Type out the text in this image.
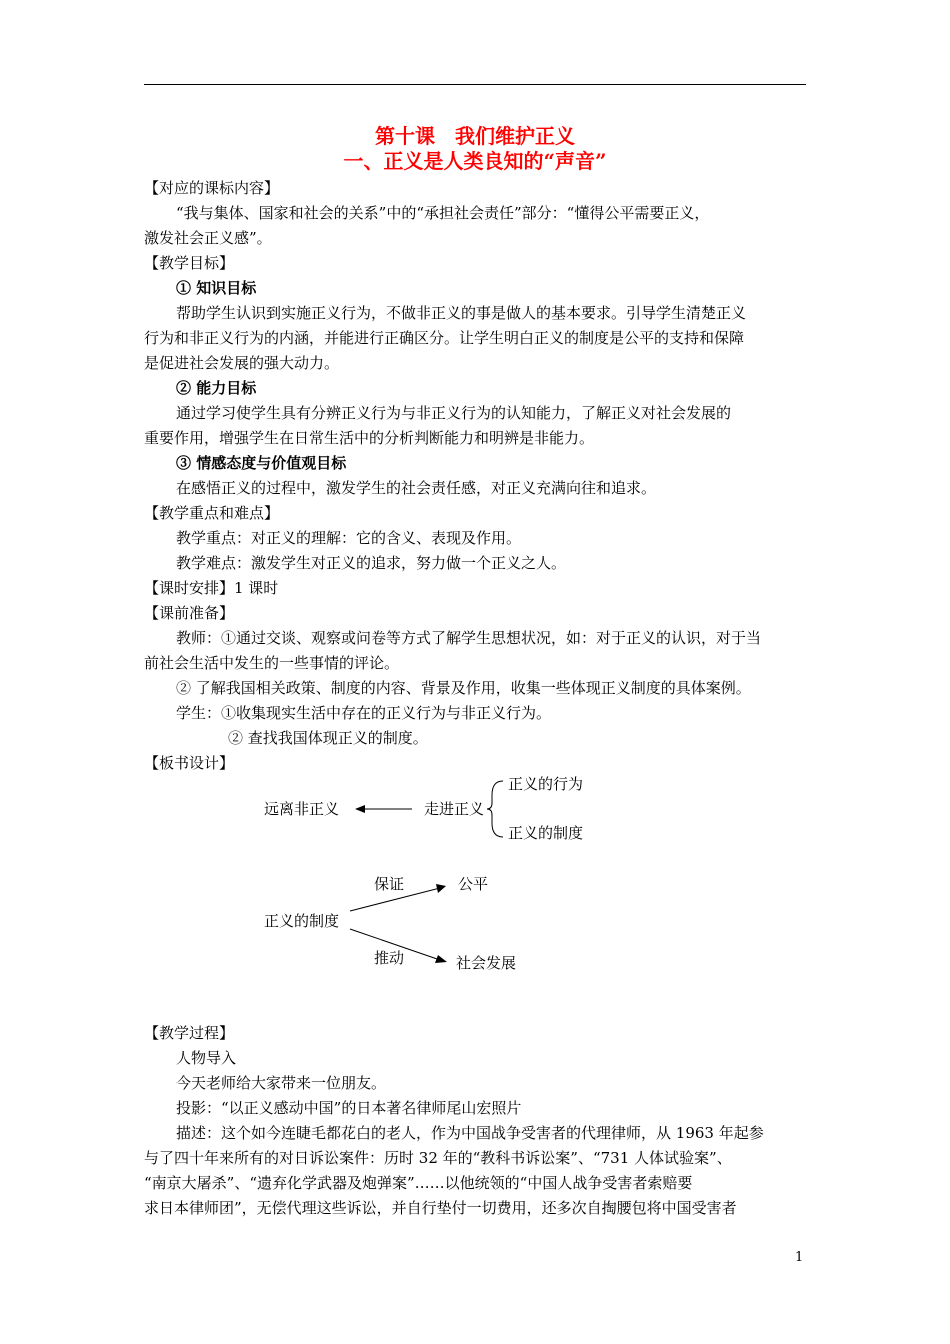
第十课　我们维护正义
一、正义是人类良知的“声音”
【对应的课标内容】
“我与集体、国家和社会的关系”中的“承担社会责任”部分：“懂得公平需要正义，
激发社会正义感”。
【教学目标】
① 知识目标
帮助学生认识到实施正义行为，不做非正义的事是做人的基本要求。引导学生清楚正义
行为和非正义行为的内涵，并能进行正确区分。让学生明白正义的制度是公平的支持和保障
是促进社会发展的强大动力。
② 能力目标
通过学习使学生具有分辨正义行为与非正义行为的认知能力，了解正义对社会发展的
重要作用，增强学生在日常生活中的分析判断能力和明辨是非能力。
③ 情感态度与价值观目标
在感悟正义的过程中，激发学生的社会责任感，对正义充满向往和追求。
【教学重点和难点】
教学重点：对正义的理解：它的含义、表现及作用。
教学难点：激发学生对正义的追求，努力做一个正义之人。
【课时安排】1 课时
【课前准备】
教师：①通过交谈、观察或问卷等方式了解学生思想状况，如：对于正义的认识，对于当
前社会生活中发生的一些事情的评论。
② 了解我国相关政策、制度的内容、背景及作用，收集一些体现正义制度的具体案例。
学生：①收集现实生活中存在的正义行为与非正义行为。
② 查找我国体现正义的制度。
【板书设计】
远离非正义	走进正义
正义的行为
正义的制度
保证	公平
正义的制度
推动	社会发展
【教学过程】
人物导入
今天老师给大家带来一位朋友。
投影：“以正义感动中国”的日本著名律师尾山宏照片
描述：这个如今连睫毛都花白的老人，作为中国战争受害者的代理律师，从 1963 年起参
与了四十年来所有的对日诉讼案件：历时 32 年的“教科书诉讼案”、“731 人体试验案”、
“南京大屠杀”、“遗弃化学武器及炮弹案”……以他统领的“中国人战争受害者索赔要
求日本律师团”，无偿代理这些诉讼，并自行垫付一切费用，还多次自掏腰包将中国受害者
1
